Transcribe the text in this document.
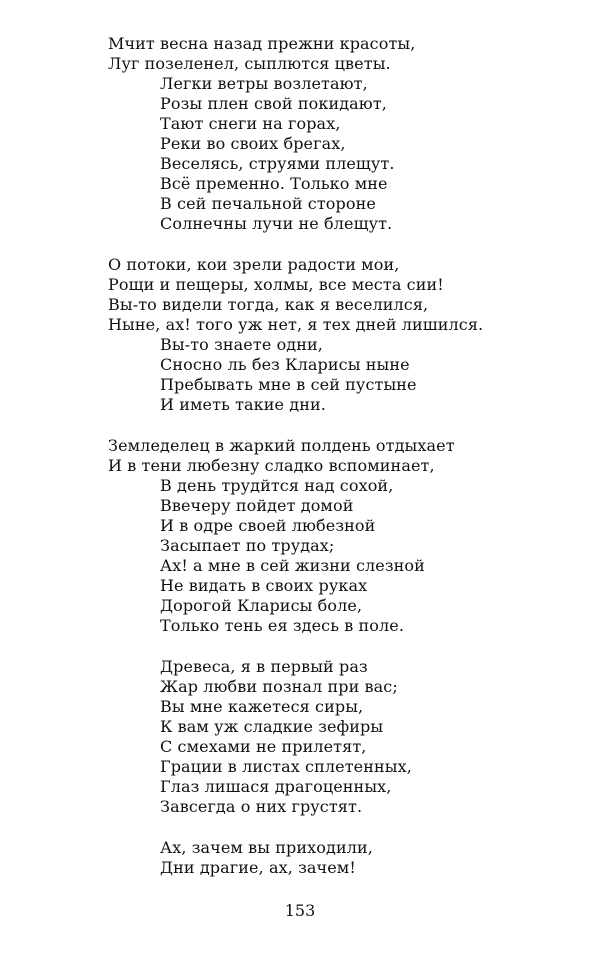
Мчит весна назад прежни красоты,
Луг позеленел, сыплются цветы.
Легки ветры возлетают,
Розы плен свой покидают,
Тают снеги на горах,
Реки во своих брегах,
Веселясь, струями плещут.
Всё пременно. Только мне
В сей печальной стороне
Солнечны лучи не блещут.
О потоки, кои зрели радости мои,
Рощи и пещеры, холмы, все места сии!
Вы-то видели тогда, как я веселился,
Ныне, ах! того уж нет, я тех дней лишился.
Вы-то знаете одни,
Сносно ль без Кларисы ныне
Пребывать мне в сей пустыне
И иметь такие дни.
Земледелец в жаркий полдень отдыхает
И в тени любезну сладко вспоминает,
В день трудйтся над сохой,
Ввечеру пойдет домой
И в одре своей любезной
Засыпает по трудах;
Ах! а мне в сей жизни слезной
Не видать в своих руках
Дорогой Кларисы боле,
Только тень ея здесь в поле.
Древеса, я в первый раз
Жар любви познал при вас;
Вы мне кажетеся сиры,
К вам уж сладкие зефиры
С смехами не прилетят,
Грации в листах сплетенных,
Глаз лишася драгоценных,
Завсегда о них грустят.
Ах, зачем вы приходили,
Дни драгие, ах, зачем!
153
